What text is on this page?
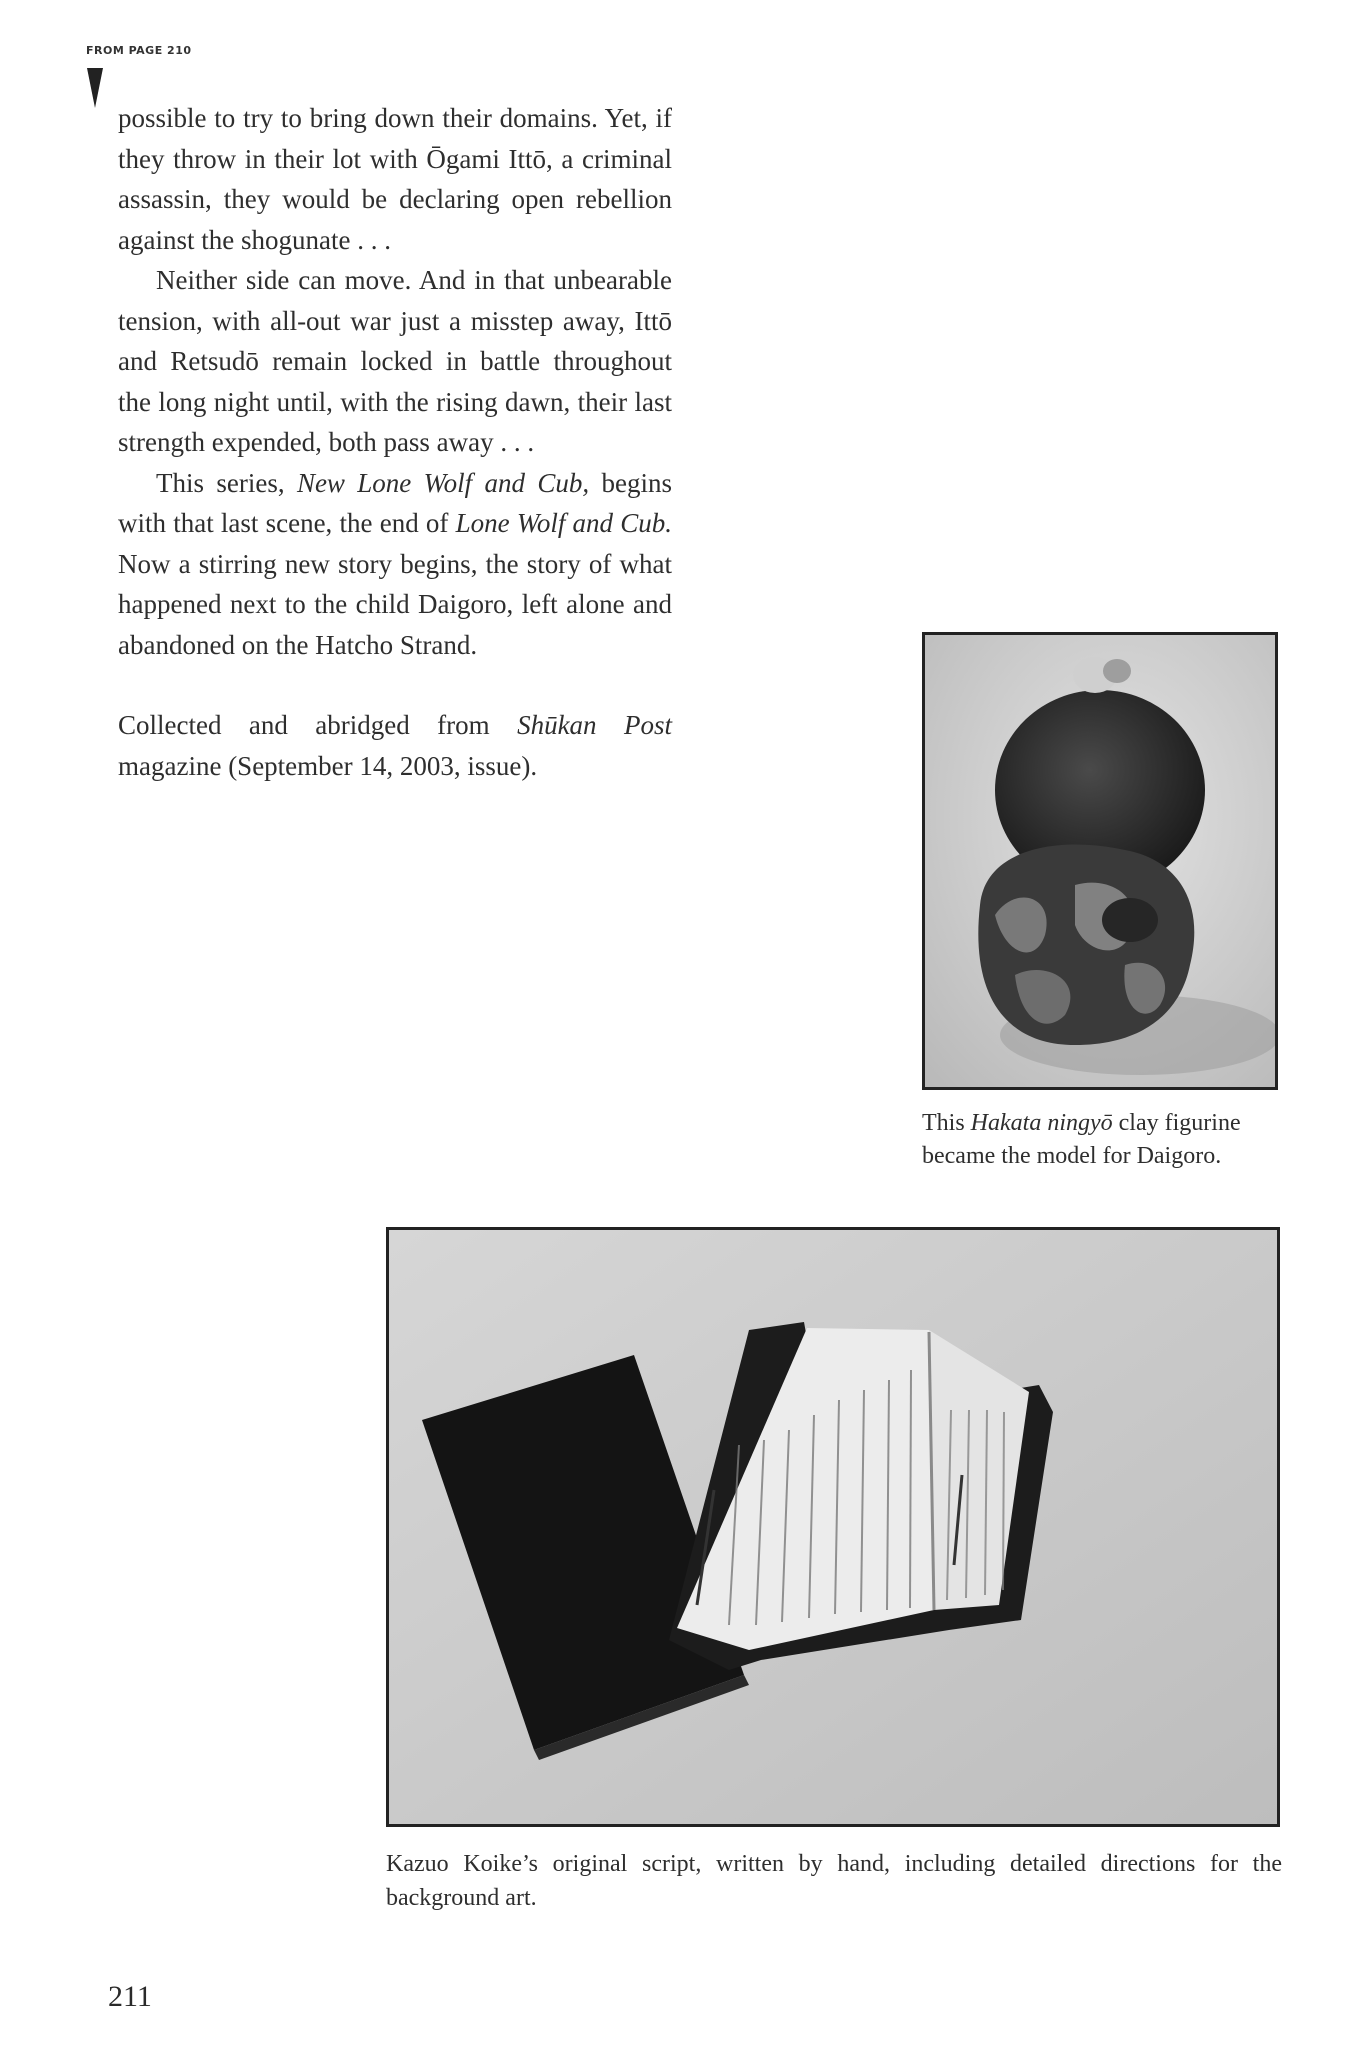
FROM PAGE 210

possible to try to bring down their domains. Yet, if they throw in their lot with Ōgami Ittō, a criminal assassin, they would be declaring open rebellion against the shogunate . . .

Neither side can move. And in that unbearable tension, with all-out war just a misstep away, Ittō and Retsudō remain locked in battle throughout the long night until, with the rising dawn, their last strength expended, both pass away . . .

This series, New Lone Wolf and Cub, begins with that last scene, the end of Lone Wolf and Cub. Now a stirring new story begins, the story of what happened next to the child Daigoro, left alone and abandoned on the Hatcho Strand.

Collected and abridged from Shūkan Post magazine (September 14, 2003, issue).

This Hakata ningyō clay figurine became the model for Daigoro.
Kazuo Koike’s original script, written by hand, including detailed directions for the background art.
211
